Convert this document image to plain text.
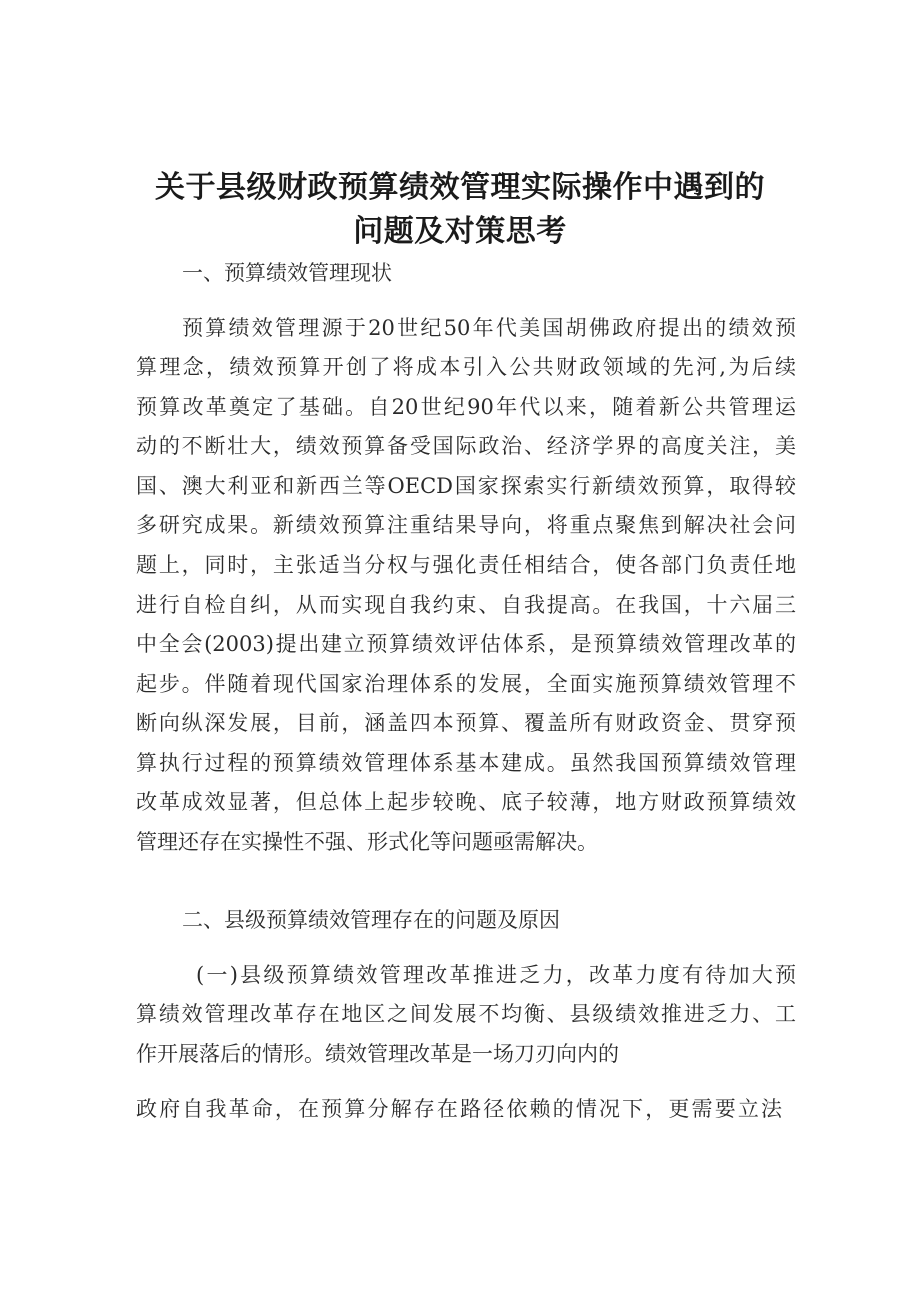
关于县级财政预算绩效管理实际操作中遇到的
问题及对策思考
一、预算绩效管理现状
预算绩效管理源于20世纪50年代美国胡佛政府提出的绩效预
算理念，绩效预算开创了将成本引入公共财政领域的先河,为后续
预算改革奠定了基础。自20世纪90年代以来，随着新公共管理运
动的不断壮大，绩效预算备受国际政治、经济学界的高度关注，美
国、澳大利亚和新西兰等OECD国家探索实行新绩效预算，取得较
多研究成果。新绩效预算注重结果导向，将重点聚焦到解决社会问
题上，同时，主张适当分权与强化责任相结合，使各部门负责任地
进行自检自纠，从而实现自我约束、自我提高。在我国，十六届三
中全会(2003)提出建立预算绩效评估体系，是预算绩效管理改革的
起步。伴随着现代国家治理体系的发展，全面实施预算绩效管理不
断向纵深发展，目前，涵盖四本预算、覆盖所有财政资金、贯穿预
算执行过程的预算绩效管理体系基本建成。虽然我国预算绩效管理
改革成效显著，但总体上起步较晚、底子较薄，地方财政预算绩效
管理还存在实操性不强、形式化等问题亟需解决。
二、县级预算绩效管理存在的问题及原因
(一)县级预算绩效管理改革推进乏力，改革力度有待加大预
算绩效管理改革存在地区之间发展不均衡、县级绩效推进乏力、工
作开展落后的情形。绩效管理改革是一场刀刃向内的
政府自我革命，在预算分解存在路径依赖的情况下，更需要立法
